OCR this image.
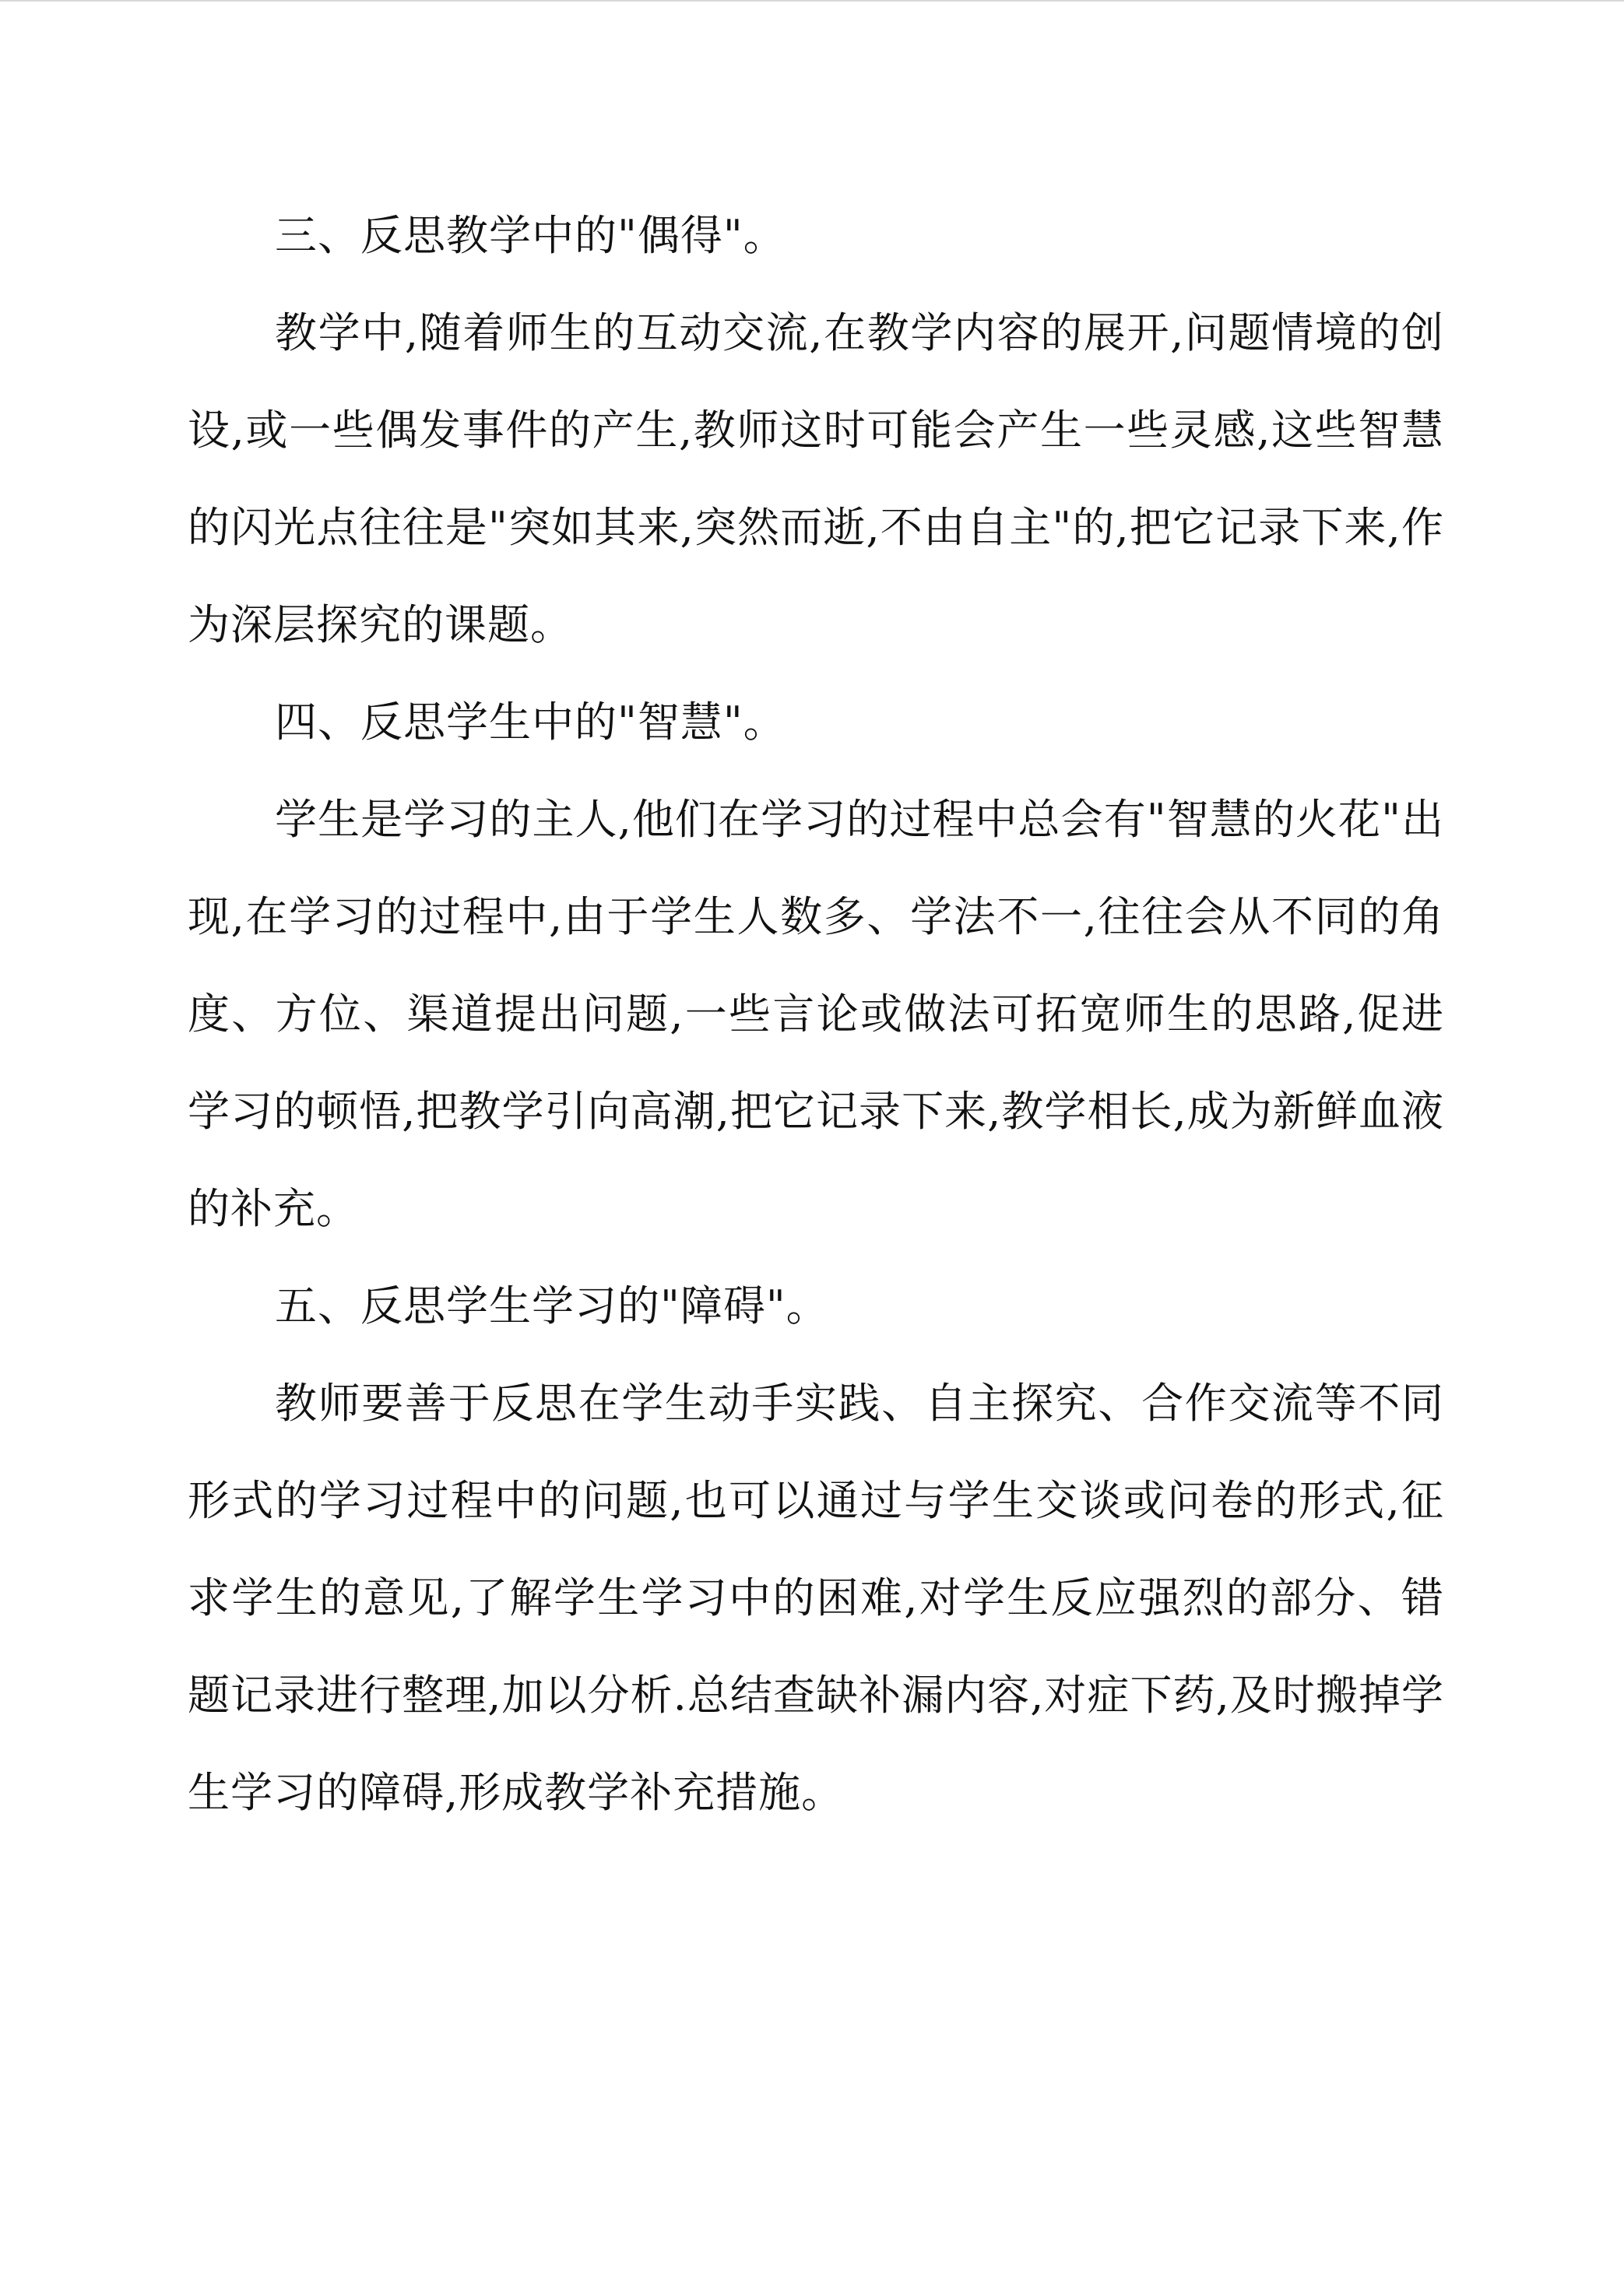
三、反思教学中的"偶得"。

教学中,随着师生的互动交流,在教学内容的展开,问题情境的创设,或一些偶发事件的产生,教师这时可能会产生一些灵感,这些智慧的闪光点往往是"突如其来,突然而逝,不由自主"的,把它记录下来,作为深层探究的课题。

四、反思学生中的"智慧"。

学生是学习的主人,他们在学习的过程中总会有"智慧的火花"出现,在学习的过程中,由于学生人数多、学法不一,往往会从不同的角度、方位、渠道提出问题,一些言论或做法可拓宽师生的思路,促进学习的顿悟,把教学引向高潮,把它记录下来,教学相长,成为新鲜血液的补充。

五、反思学生学习的"障碍"。

教师要善于反思在学生动手实践、自主探究、合作交流等不同形式的学习过程中的问题,也可以通过与学生交谈或问卷的形式,征求学生的意见,了解学生学习中的困难,对学生反应强烈的部分、错题记录进行整理,加以分析.总结查缺补漏内容,对症下药,及时搬掉学生学习的障碍,形成教学补充措施。
